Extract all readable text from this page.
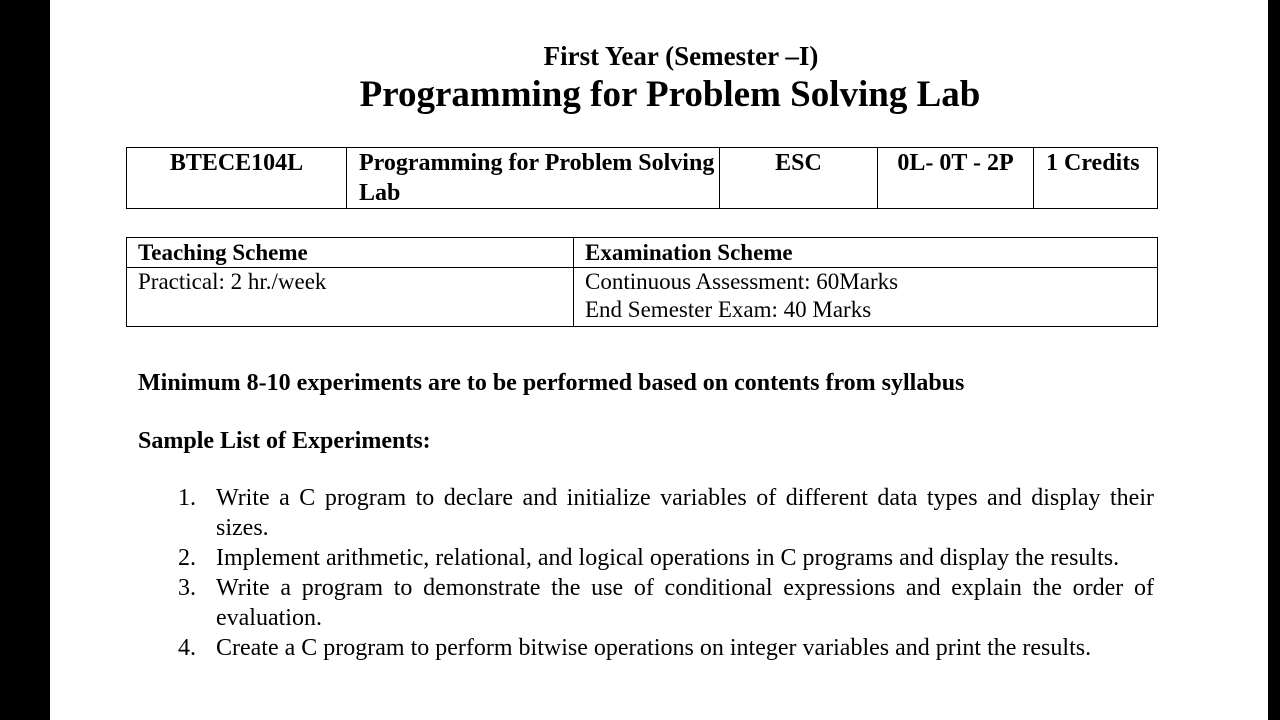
First Year (Semester –I)
Programming for Problem Solving Lab
BTECE104L	Programming for Problem Solving Lab	ESC	0L- 0T - 2P	1 Credits
Teaching Scheme	Examination Scheme
Practical: 2 hr./week	Continuous Assessment: 60Marks
End Semester Exam: 40 Marks
Minimum 8-10 experiments are to be performed based on contents from syllabus
Sample List of Experiments:
1. Write a C program to declare and initialize variables of different data types and display their sizes.
2. Implement arithmetic, relational, and logical operations in C programs and display the results.
3. Write a program to demonstrate the use of conditional expressions and explain the order of evaluation.
4. Create a C program to perform bitwise operations on integer variables and print the results.
